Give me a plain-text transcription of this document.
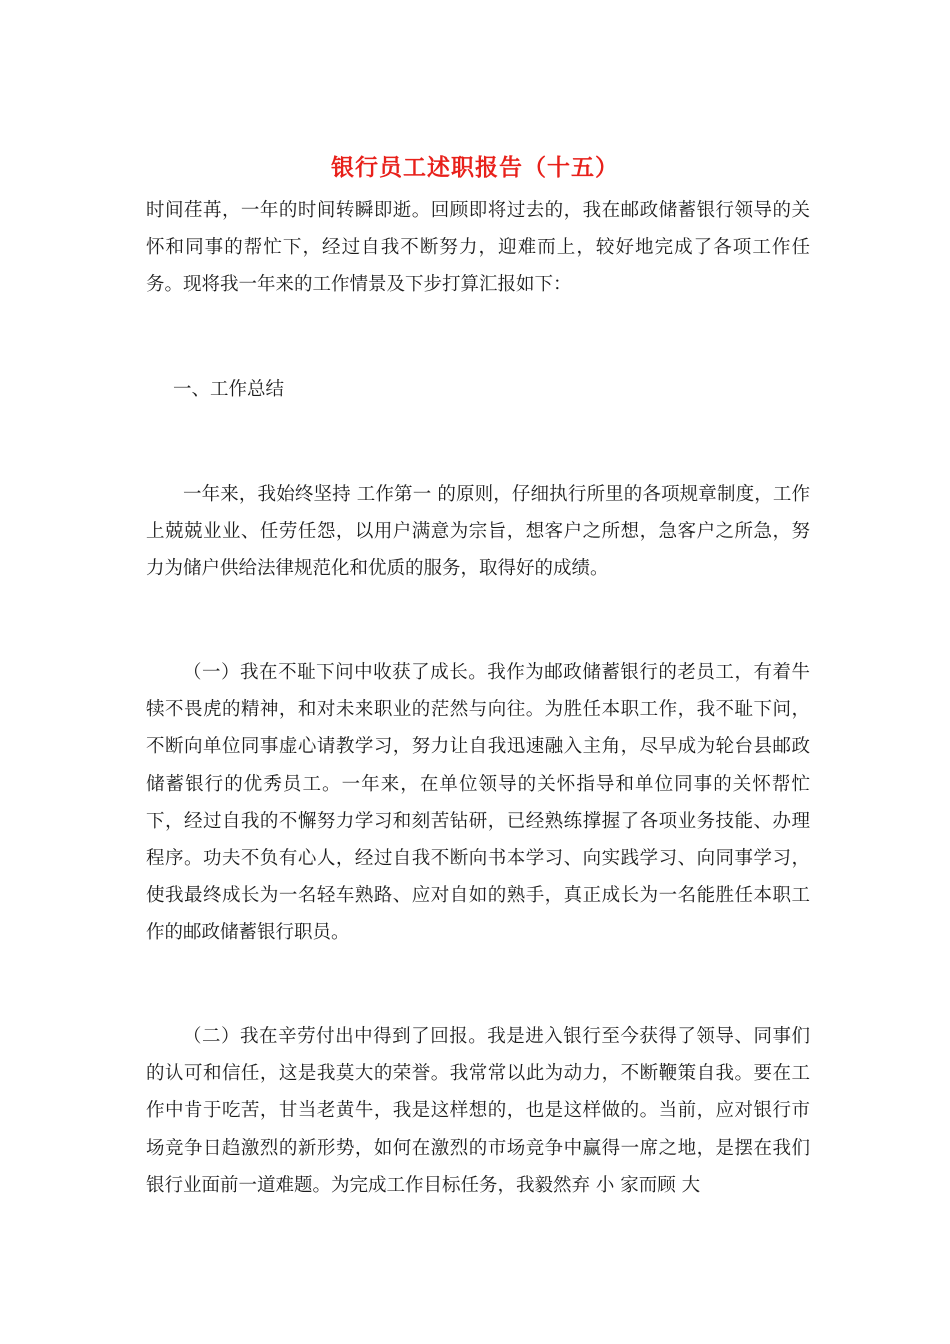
银行员工述职报告（十五）

时间荏苒，一年的时间转瞬即逝。回顾即将过去的，我在邮政储蓄银行领导的关怀和同事的帮忙下，经过自我不断努力，迎难而上，较好地完成了各项工作任务。现将我一年来的工作情景及下步打算汇报如下：

一、工作总结

一年来，我始终坚持 工作第一 的原则，仔细执行所里的各项规章制度，工作上兢兢业业、任劳任怨，以用户满意为宗旨，想客户之所想，急客户之所急，努力为储户供给法律规范化和优质的服务，取得好的成绩。

（一）我在不耻下问中收获了成长。我作为邮政储蓄银行的老员工，有着牛犊不畏虎的精神，和对未来职业的茫然与向往。为胜任本职工作，我不耻下问，不断向单位同事虚心请教学习，努力让自我迅速融入主角，尽早成为轮台县邮政储蓄银行的优秀员工。一年来，在单位领导的关怀指导和单位同事的关怀帮忙下，经过自我的不懈努力学习和刻苦钻研，已经熟练撑握了各项业务技能、办理程序。功夫不负有心人，经过自我不断向书本学习、向实践学习、向同事学习，使我最终成长为一名轻车熟路、应对自如的熟手，真正成长为一名能胜任本职工作的邮政储蓄银行职员。

（二）我在辛劳付出中得到了回报。我是进入银行至今获得了领导、同事们的认可和信任，这是我莫大的荣誉。我常常以此为动力，不断鞭策自我。要在工作中肯于吃苦，甘当老黄牛，我是这样想的，也是这样做的。当前，应对银行市场竞争日趋激烈的新形势，如何在激烈的市场竞争中赢得一席之地，是摆在我们银行业面前一道难题。为完成工作目标任务，我毅然弃 小 家而顾 大
